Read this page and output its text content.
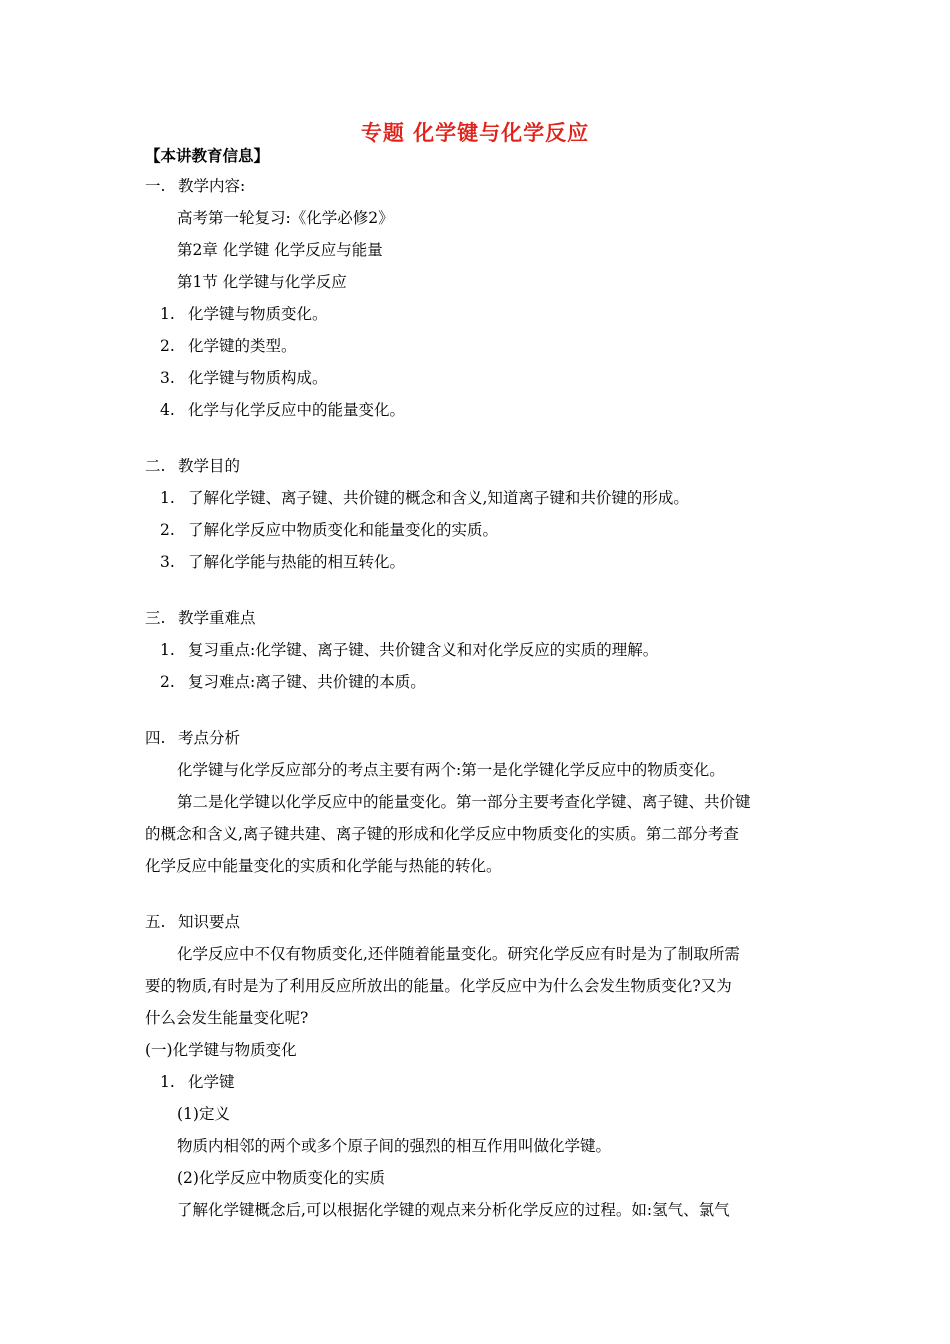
专题 化学键与化学反应
【本讲教育信息】
一. 教学内容:
高考第一轮复习:《化学必修2》
第2章 化学键 化学反应与能量
第1节 化学键与化学反应
1. 化学键与物质变化。
2. 化学键的类型。
3. 化学键与物质构成。
4. 化学与化学反应中的能量变化。
二. 教学目的
1. 了解化学键、离子键、共价键的概念和含义,知道离子键和共价键的形成。
2. 了解化学反应中物质变化和能量变化的实质。
3. 了解化学能与热能的相互转化。
三. 教学重难点
1. 复习重点:化学键、离子键、共价键含义和对化学反应的实质的理解。
2. 复习难点:离子键、共价键的本质。
四. 考点分析
化学键与化学反应部分的考点主要有两个:第一是化学键化学反应中的物质变化。
第二是化学键以化学反应中的能量变化。第一部分主要考查化学键、离子键、共价键
的概念和含义,离子键共建、离子键的形成和化学反应中物质变化的实质。第二部分考查
化学反应中能量变化的实质和化学能与热能的转化。
五. 知识要点
化学反应中不仅有物质变化,还伴随着能量变化。研究化学反应有时是为了制取所需
要的物质,有时是为了利用反应所放出的能量。化学反应中为什么会发生物质变化?又为
什么会发生能量变化呢?
(一)化学键与物质变化
1. 化学键
(1)定义
物质内相邻的两个或多个原子间的强烈的相互作用叫做化学键。
(2)化学反应中物质变化的实质
了解化学键概念后,可以根据化学键的观点来分析化学反应的过程。如:氢气、氯气
